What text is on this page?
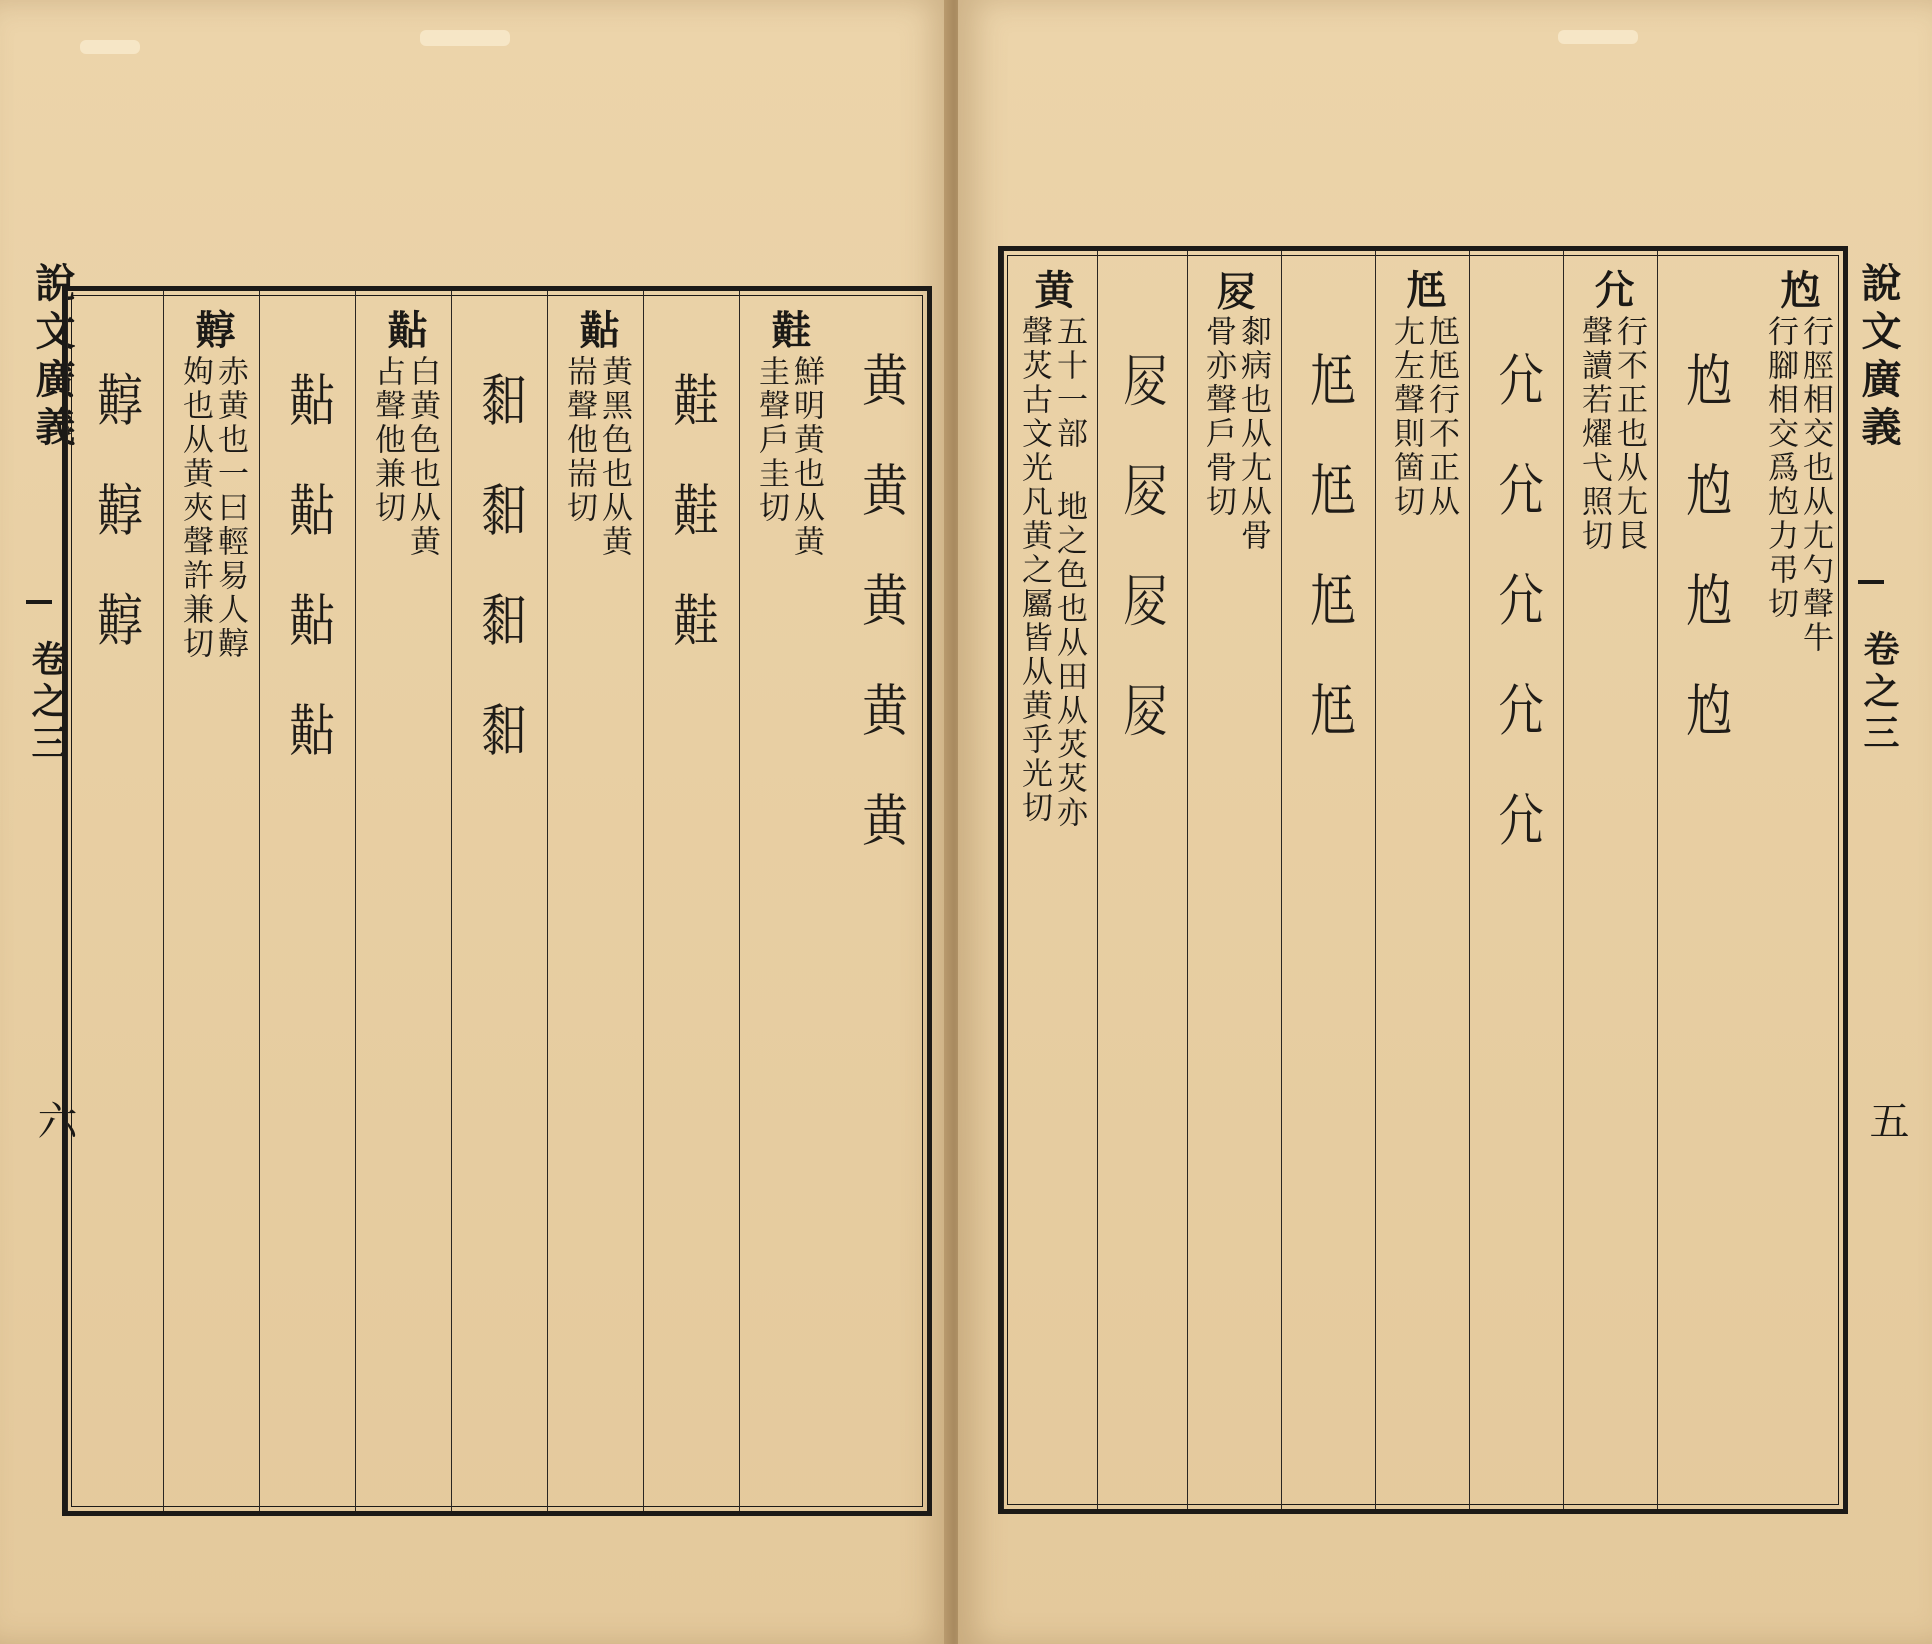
說文廣義
卷之三
六
黄黄黄黄黄
黊
鮮明黄也从黄
圭聲戶圭切
黊黊黊
黇
黄黑色也从黄
耑聲他耑切
䵒䵒䵒䵒
黇
白黄色也从黄
占聲他兼切
黇黇黇黇
䵍
赤黄也一曰輕易人䵍
姁也从黄夾聲許兼切
䵍䵍䵍
尥
行脛相交也从尢勺聲牛
行腳相交爲尥力弔切
尥尥尥尥
𡯂
行不正也从尢艮
聲讀若燿弋照切
𡯂𡯂𡯂𡯂𡯂
尪
尪尪行不正从
尢左聲則箇切
尪尪尪尪
𡰿
厀病也从尢从骨
骨亦聲戶骨切
𡰿𡰿𡰿𡰿
黄
五十一部 地之色也从田从炗炗亦
聲炗古文光凡黄之屬皆从黄乎光切	說文廣義
卷之三
五
